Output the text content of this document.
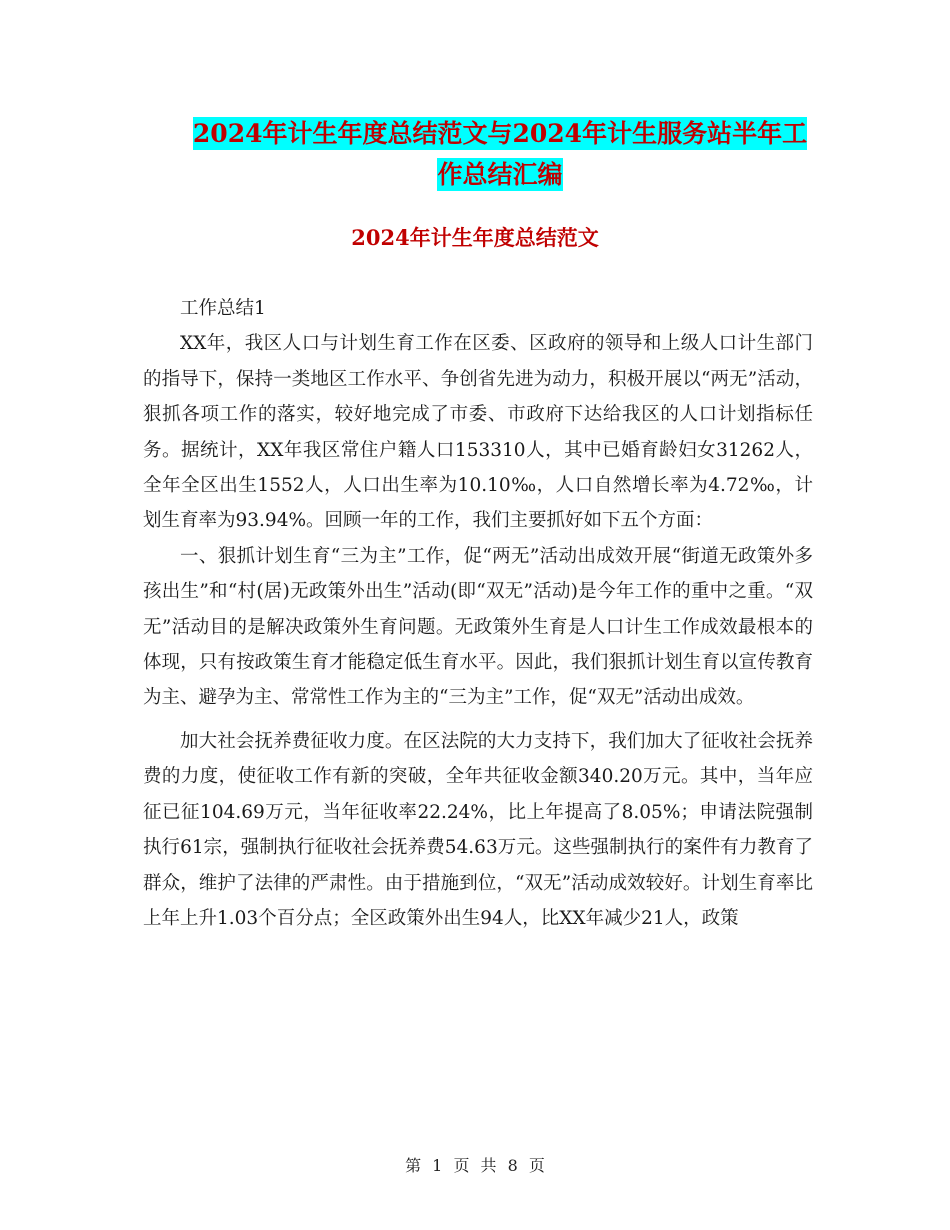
2024年计生年度总结范文与2024年计生服务站半年工
作总结汇编
2024年计生年度总结范文

工作总结1

XX年，我区人口与计划生育工作在区委、区政府的领导和上级人口计生部门的指导下，保持一类地区工作水平、争创省先进为动力，积极开展以“两无”活动，狠抓各项工作的落实，较好地完成了市委、市政府下达给我区的人口计划指标任务。据统计，XX年我区常住户籍人口153310人，其中已婚育龄妇女31262人，全年全区出生1552人，人口出生率为10.10‰，人口自然增长率为4.72‰，计划生育率为93.94%。回顾一年的工作，我们主要抓好如下五个方面：

一、狠抓计划生育“三为主”工作，促“两无”活动出成效开展“街道无政策外多孩出生”和“村(居)无政策外出生”活动(即“双无”活动)是今年工作的重中之重。“双无”活动目的是解决政策外生育问题。无政策外生育是人口计生工作成效最根本的体现，只有按政策生育才能稳定低生育水平。因此，我们狠抓计划生育以宣传教育为主、避孕为主、常常性工作为主的“三为主”工作，促“双无”活动出成效。

加大社会抚养费征收力度。在区法院的大力支持下，我们加大了征收社会抚养费的力度，使征收工作有新的突破，全年共征收金额340.20万元。其中，当年应征已征104.69万元，当年征收率22.24%，比上年提高了8.05%；申请法院强制执行61宗，强制执行征收社会抚养费54.63万元。这些强制执行的案件有力教育了群众，维护了法律的严肃性。由于措施到位，“双无”活动成效较好。计划生育率比上年上升1.03个百分点；全区政策外出生94人，比XX年减少21人，政策

第 1 页 共 8 页
